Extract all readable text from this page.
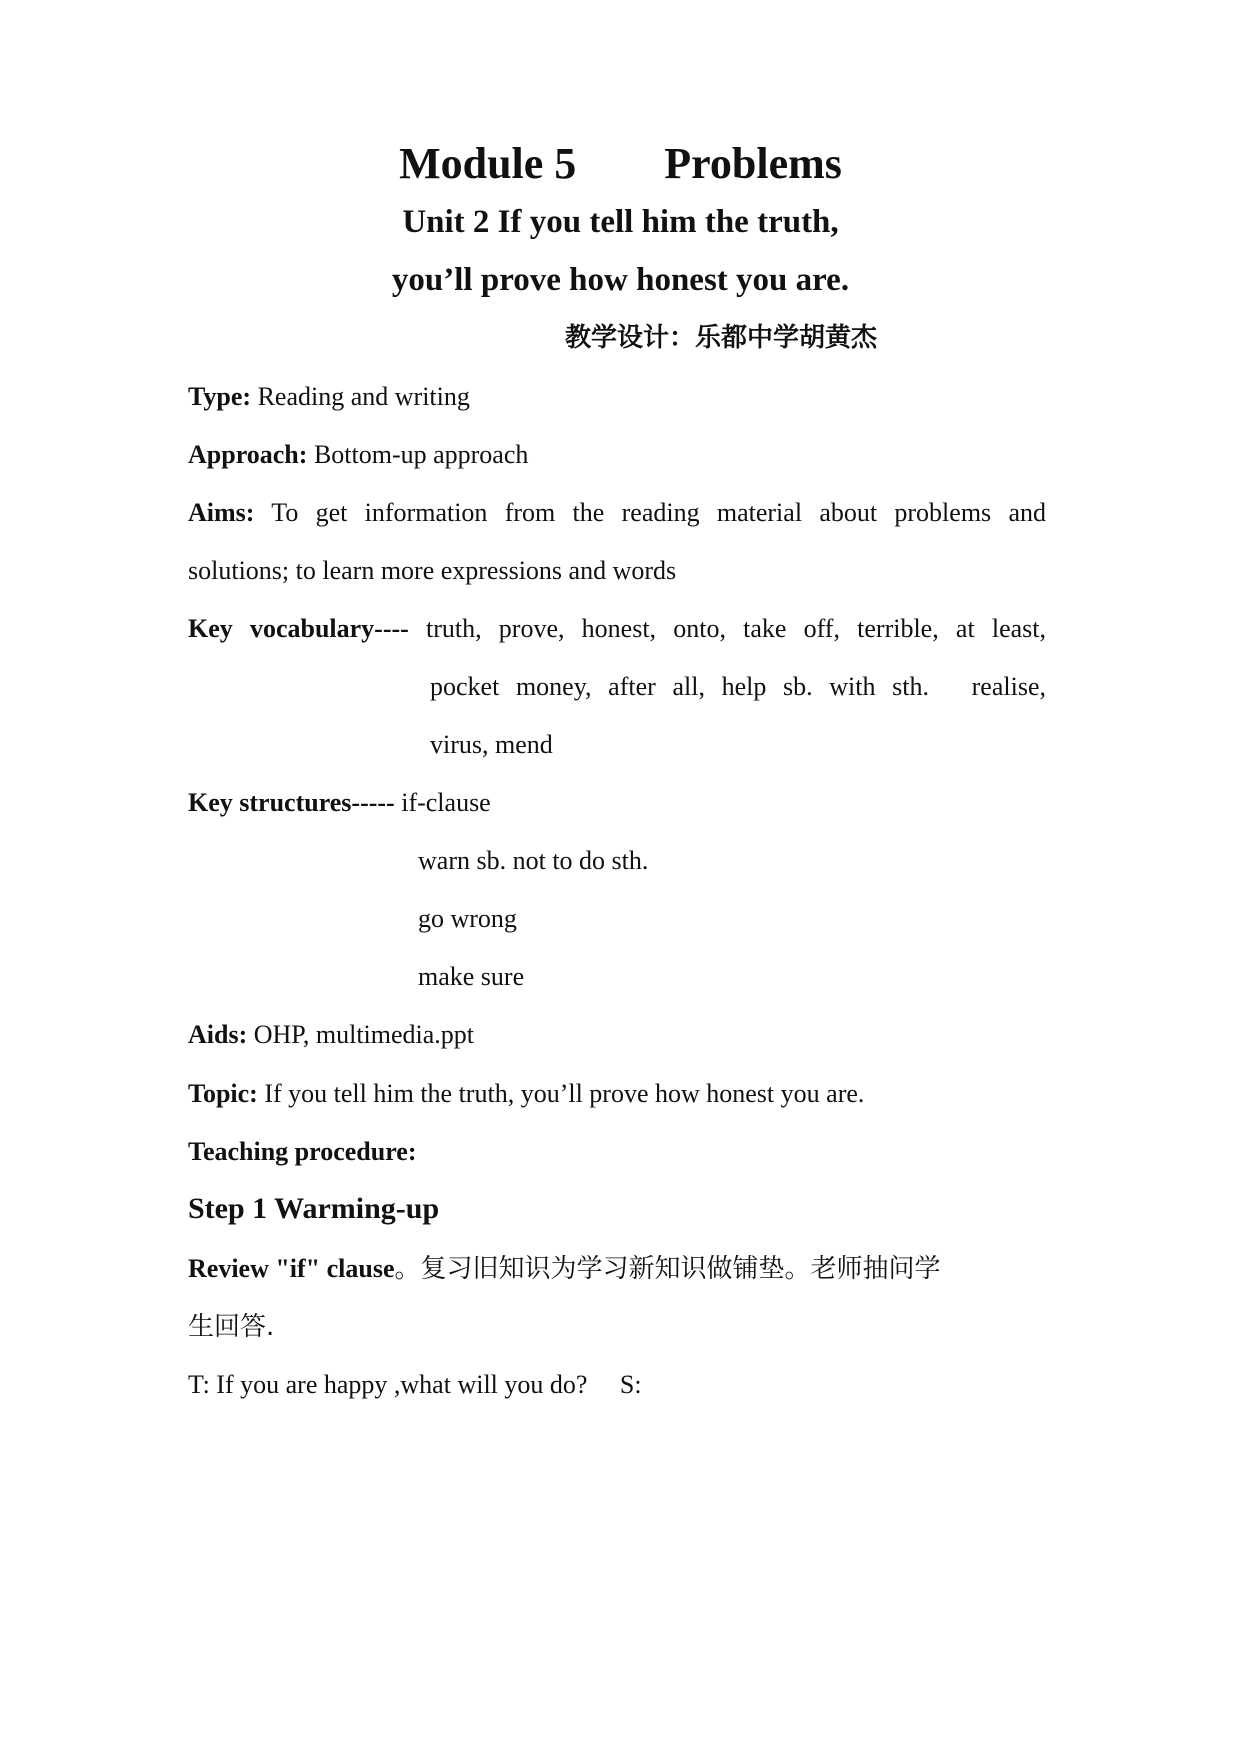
Module 5  Problems
Unit 2 If you tell him the truth,
you’ll prove how honest you are.
教学设计：乐都中学胡黄杰
Type: Reading and writing
Approach: Bottom-up approach
Aims: To get information from the reading material about problems and
solutions; to learn more expressions and words
Key vocabulary---- truth, prove, honest, onto, take off, terrible, at least,
pocket money, after all, help sb. with sth.  realise,
virus, mend
Key structures----- if-clause
warn sb. not to do sth.
go wrong
make sure
Aids: OHP, multimedia.ppt
Topic: If you tell him the truth, you’ll prove how honest you are.
Teaching procedure:
Step 1 Warming-up
Review "if" clause。复习旧知识为学习新知识做铺垫。老师抽问学
生回答.
T: If you are happy ,what will you do?  S:
